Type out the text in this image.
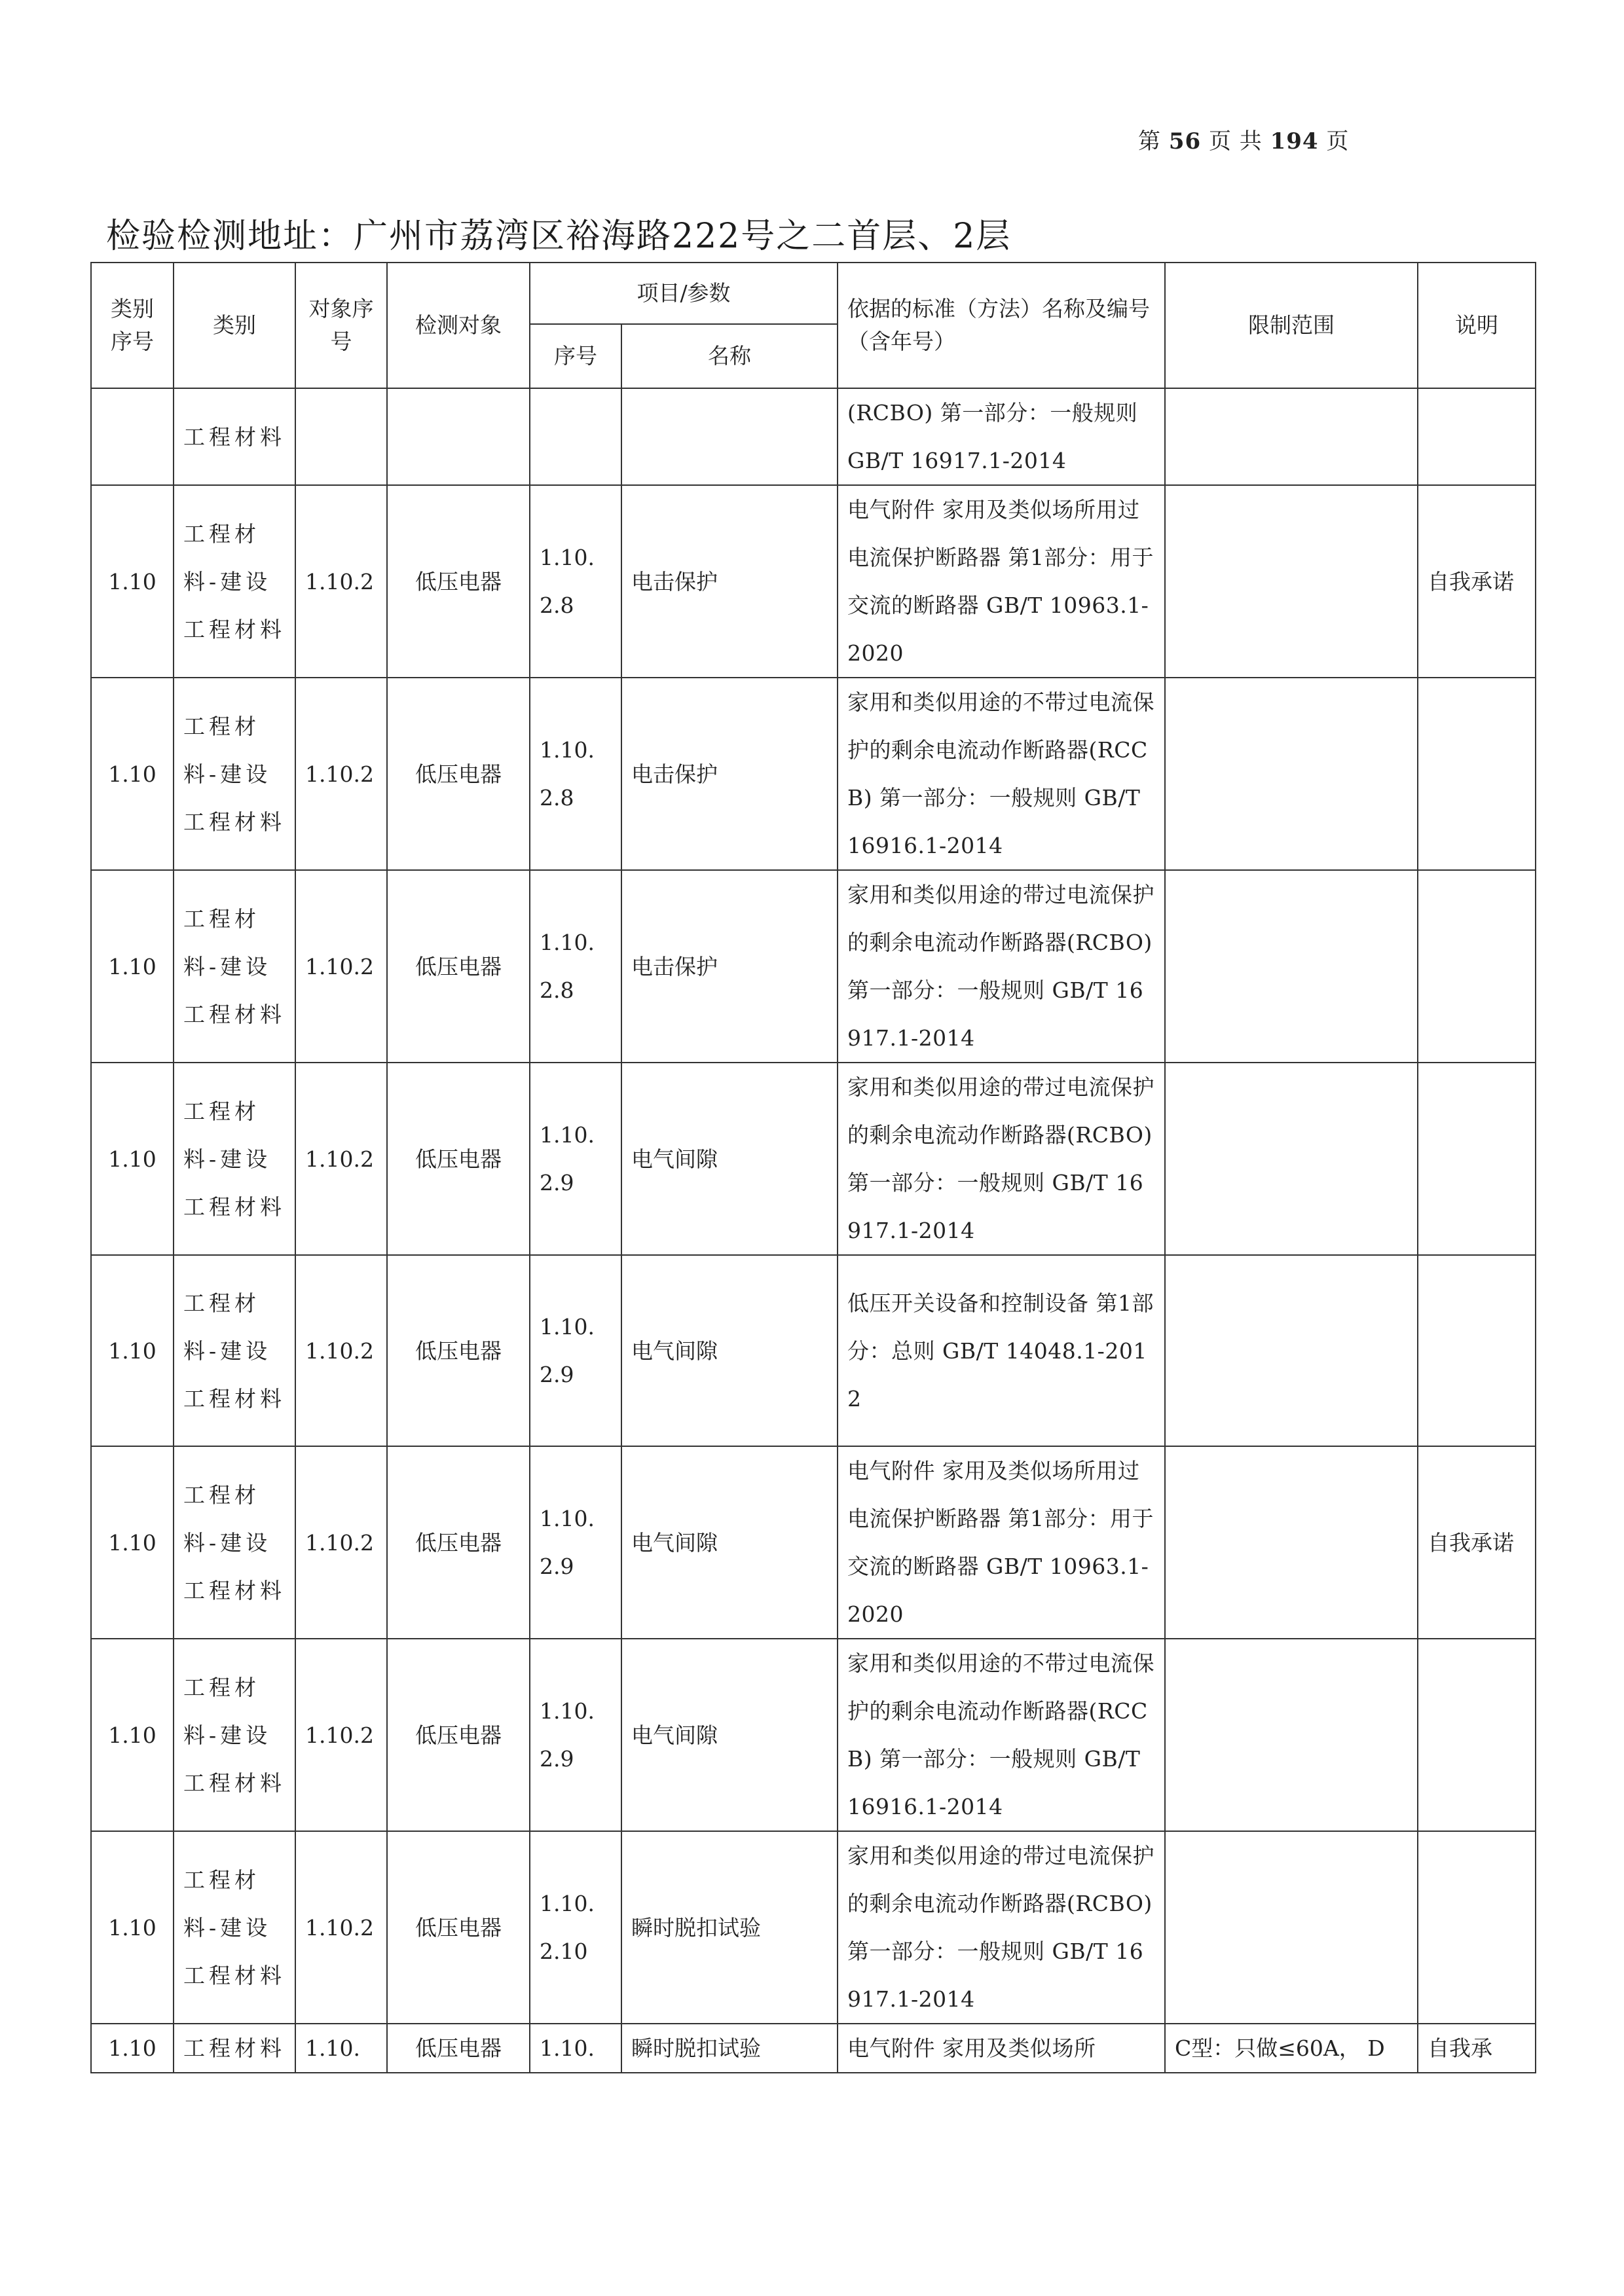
第 56 页 共 194 页
检验检测地址：广州市荔湾区裕海路222号之二首层、2层
类别序号	类别	对象序号	检测对象	项目/参数		依据的标准（方法）名称及编号（含年号）	限制范围	说明
				序号	名称			
	工程材料					(RCBO) 第一部分：一般规则 GB/T 16917.1-2014		
1.10	工程材料-建设工程材料	1.10.2	低压电器	1.10.2.8	电击保护	电气附件 家用及类似场所用过电流保护断路器 第1部分：用于交流的断路器 GB/T 10963.1-2020		自我承诺
1.10	工程材料-建设工程材料	1.10.2	低压电器	1.10.2.8	电击保护	家用和类似用途的不带过电流保护的剩余电流动作断路器(RCCB) 第一部分：一般规则 GB/T 16916.1-2014		
1.10	工程材料-建设工程材料	1.10.2	低压电器	1.10.2.8	电击保护	家用和类似用途的带过电流保护的剩余电流动作断路器(RCBO) 第一部分：一般规则 GB/T 16917.1-2014		
1.10	工程材料-建设工程材料	1.10.2	低压电器	1.10.2.9	电气间隙	家用和类似用途的带过电流保护的剩余电流动作断路器(RCBO) 第一部分：一般规则 GB/T 16917.1-2014		
1.10	工程材料-建设工程材料	1.10.2	低压电器	1.10.2.9	电气间隙	低压开关设备和控制设备 第1部分：总则 GB/T 14048.1-2012		
1.10	工程材料-建设工程材料	1.10.2	低压电器	1.10.2.9	电气间隙	电气附件 家用及类似场所用过电流保护断路器 第1部分：用于交流的断路器 GB/T 10963.1-2020		自我承诺
1.10	工程材料-建设工程材料	1.10.2	低压电器	1.10.2.9	电气间隙	家用和类似用途的不带过电流保护的剩余电流动作断路器(RCCB) 第一部分：一般规则 GB/T 16916.1-2014		
1.10	工程材料-建设工程材料	1.10.2	低压电器	1.10.2.10	瞬时脱扣试验	家用和类似用途的带过电流保护的剩余电流动作断路器(RCBO) 第一部分：一般规则 GB/T 16917.1-2014		
1.10	工程材料	1.10.	低压电器	1.10.	瞬时脱扣试验	电气附件 家用及类似场所	C型：只做≤60A， D	自我承
